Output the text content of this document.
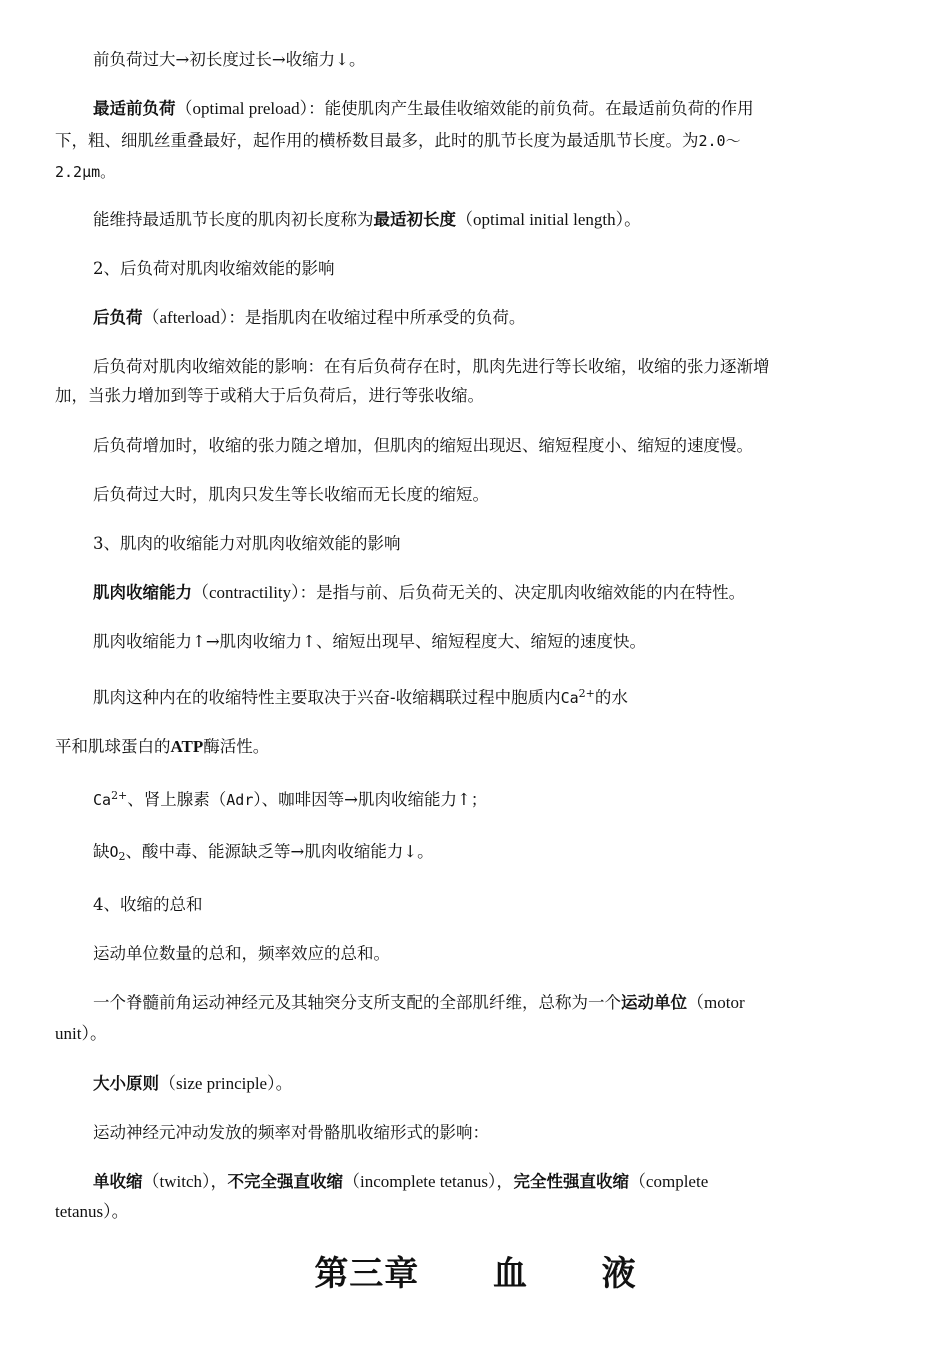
前负荷过大→初长度过长→收缩力↓。
最适前负荷（optimal preload）：能使肌肉产生最佳收缩效能的前负荷。在最适前负荷的作用
下，粗、细肌丝重叠最好，起作用的横桥数目最多，此时的肌节长度为最适肌节长度。为2.0～
2.2μm。
能维持最适肌节长度的肌肉初长度称为最适初长度（optimal initial length）。
2、后负荷对肌肉收缩效能的影响
后负荷（afterload）：是指肌肉在收缩过程中所承受的负荷。
后负荷对肌肉收缩效能的影响：在有后负荷存在时，肌肉先进行等长收缩，收缩的张力逐渐增
加，当张力增加到等于或稍大于后负荷后，进行等张收缩。
后负荷增加时，收缩的张力随之增加，但肌肉的缩短出现迟、缩短程度小、缩短的速度慢。
后负荷过大时，肌肉只发生等长收缩而无长度的缩短。
3、肌肉的收缩能力对肌肉收缩效能的影响
肌肉收缩能力（contractility）：是指与前、后负荷无关的、决定肌肉收缩效能的内在特性。
肌肉收缩能力↑→肌肉收缩力↑、缩短出现早、缩短程度大、缩短的速度快。
肌肉这种内在的收缩特性主要取决于兴奋-收缩耦联过程中胞质内$Ca^{2+}$的水
平和肌球蛋白的ATP酶活性。
$Ca^{2+}$、肾上腺素（Adr）、咖啡因等→肌肉收缩能力↑；
缺$O_2$、酸中毒、能源缺乏等→肌肉收缩能力↓。
4、收缩的总和
运动单位数量的总和，频率效应的总和。
一个脊髓前角运动神经元及其轴突分支所支配的全部肌纤维，总称为一个运动单位（motor
unit）。
大小原则（size principle）。
运动神经元冲动发放的频率对骨骼肌收缩形式的影响：
单收缩（twitch），不完全强直收缩（incomplete tetanus），完全性强直收缩（complete
tetanus）。
第三章  血  液
